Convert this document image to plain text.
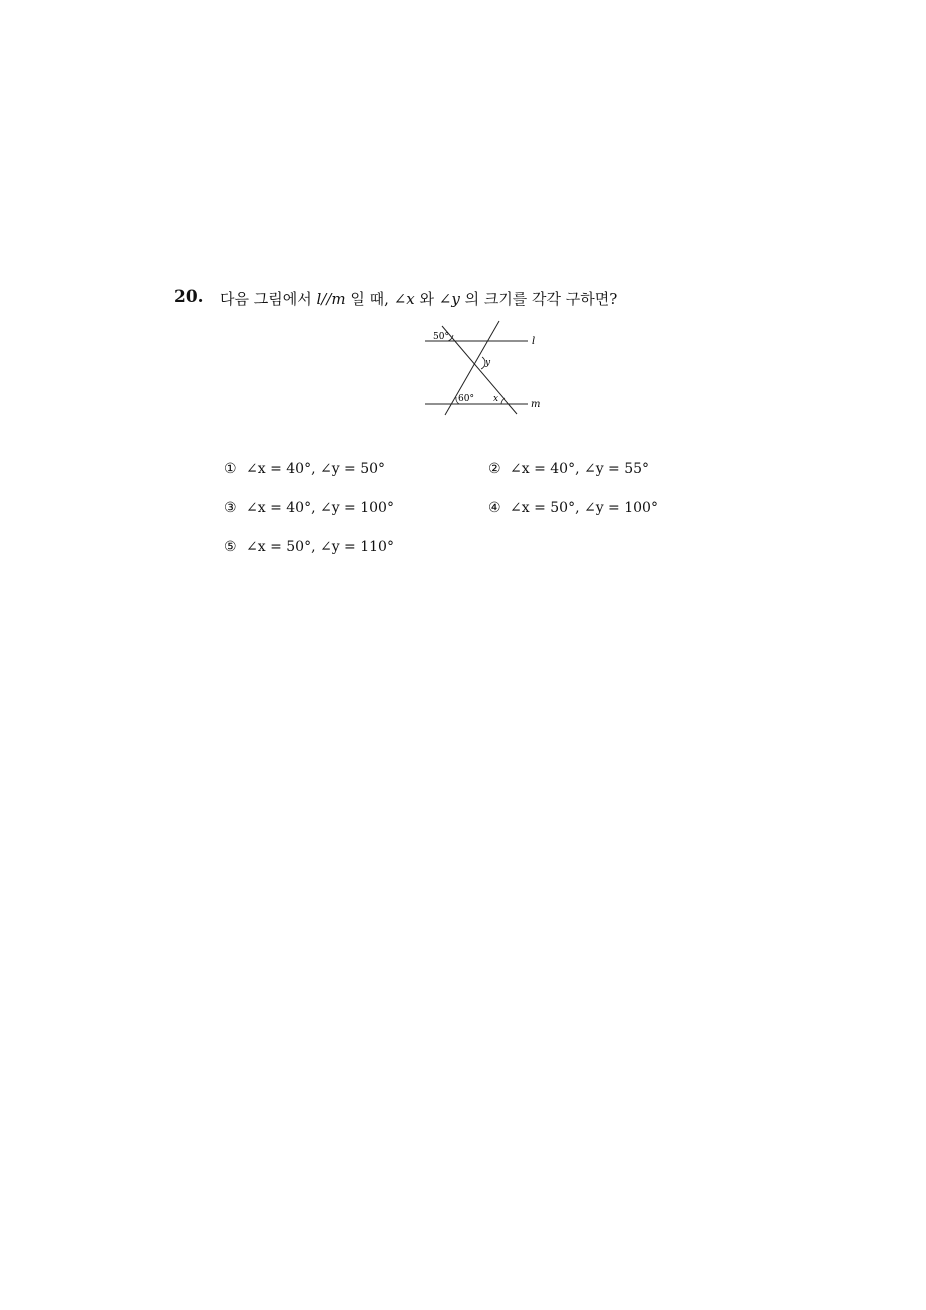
20. 다음 그림에서 l//m 일 때, ∠x 와 ∠y 의 크기를 각각 구하면?
50°
y
60° x
l
m
① ∠x = 40°, ∠y = 50°	② ∠x = 40°, ∠y = 55°
③ ∠x = 40°, ∠y = 100°	④ ∠x = 50°, ∠y = 100°
⑤ ∠x = 50°, ∠y = 110°
